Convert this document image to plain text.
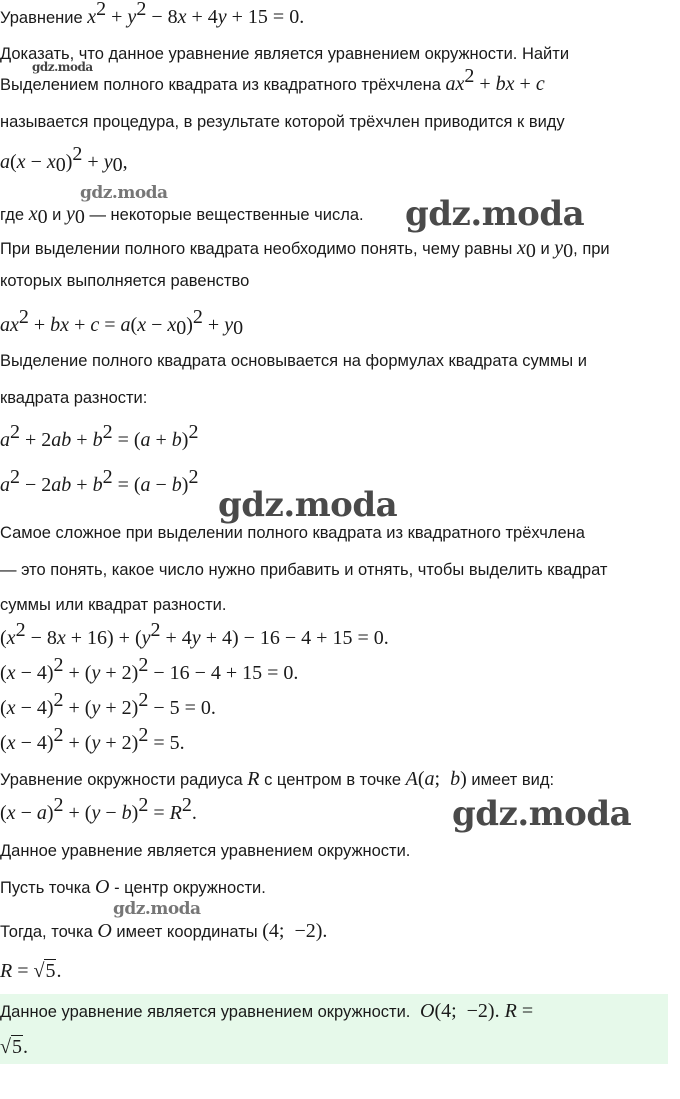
gdz.moda
gdz.moda
gdz.moda
gdz.moda
gdz.moda
gdz.moda
Уравнение $x^2 + y^2 - 8x + 4y + 15 = 0$.
Доказать, что данное уравнение является уравнением окружности. Найти
Выделением полного квадрата из квадратного трёхчлена $ax^2$ + bx + c
называется процедура, в результате которой трёхчлен приводится к виду
$a(x - x_0)^2 + y_0$,
где $x_0$ и $y_0$ — некоторые вещественные числа.
При выделении полного квадрата необходимо понять, чему равны $x_0$ и $y_0$, при
которых выполняется равенство
$ax^2$ + bx + $c = a(x - x_0)^2 + y_0$
Выделение полного квадрата основывается на формулах квадрата суммы и
квадрата разности:
$a^2 + 2ab + b^2 = (a + b)^2$
$a^2 - 2ab + b^2 = (a - b)^2$
Самое сложное при выделении полного квадрата из квадратного трёхчлена
— это понять, какое число нужно прибавить и отнять, чтобы выделить квадрат
суммы или квадрат разности.
$(x^2 - 8x + 16) + (y^2 + 4y + 4) - 16 - 4 + 15 = 0$.
$(x - 4)^2 + (y + 2)^2 - 16 - 4 + 15 = 0$.
$(x - 4)^2 + (y + 2)^2 - 5 = 0$.
$(x - 4)^2 + (y + 2)^2 = 5$.
Уравнение окружности радиуса R с центром в точке A(a;  b) имеет вид:
$(x - a)^2 + (y - b)^2 = R^2$.
Данное уравнение является уравнением окружности.
Пусть точка O - центр окружности.
Тогда, точка O имеет координаты (4;  −2).
R = √5.
Данное уравнение является уравнением окружности. O(4;  −2). R =
√5.
